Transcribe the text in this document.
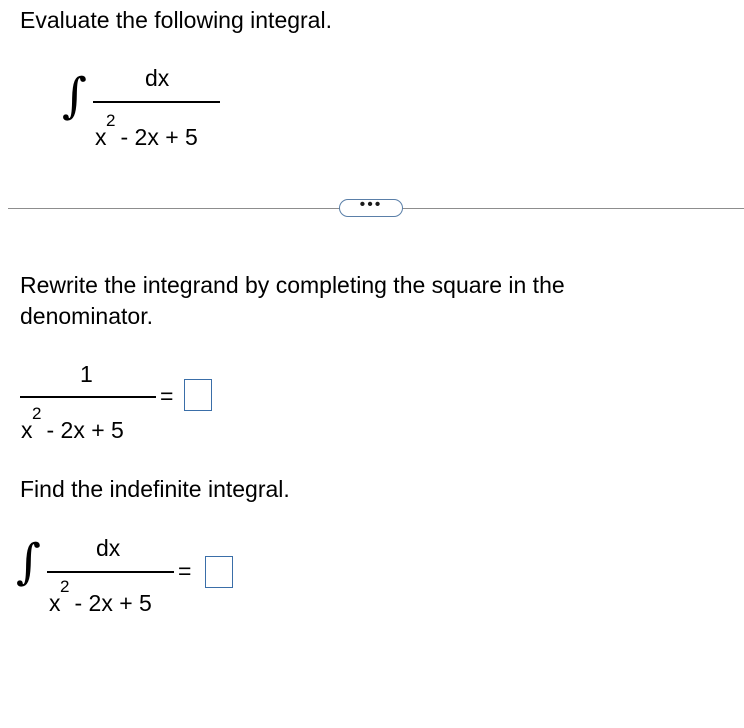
Evaluate the following integral.
∫	dx
x
2
- 2x + 5
•••
Rewrite the integrand by completing the square in the
denominator.
1
x
2
- 2x + 5
=
Find the indefinite integral.
∫ dx
x
2
- 2x + 5
=
